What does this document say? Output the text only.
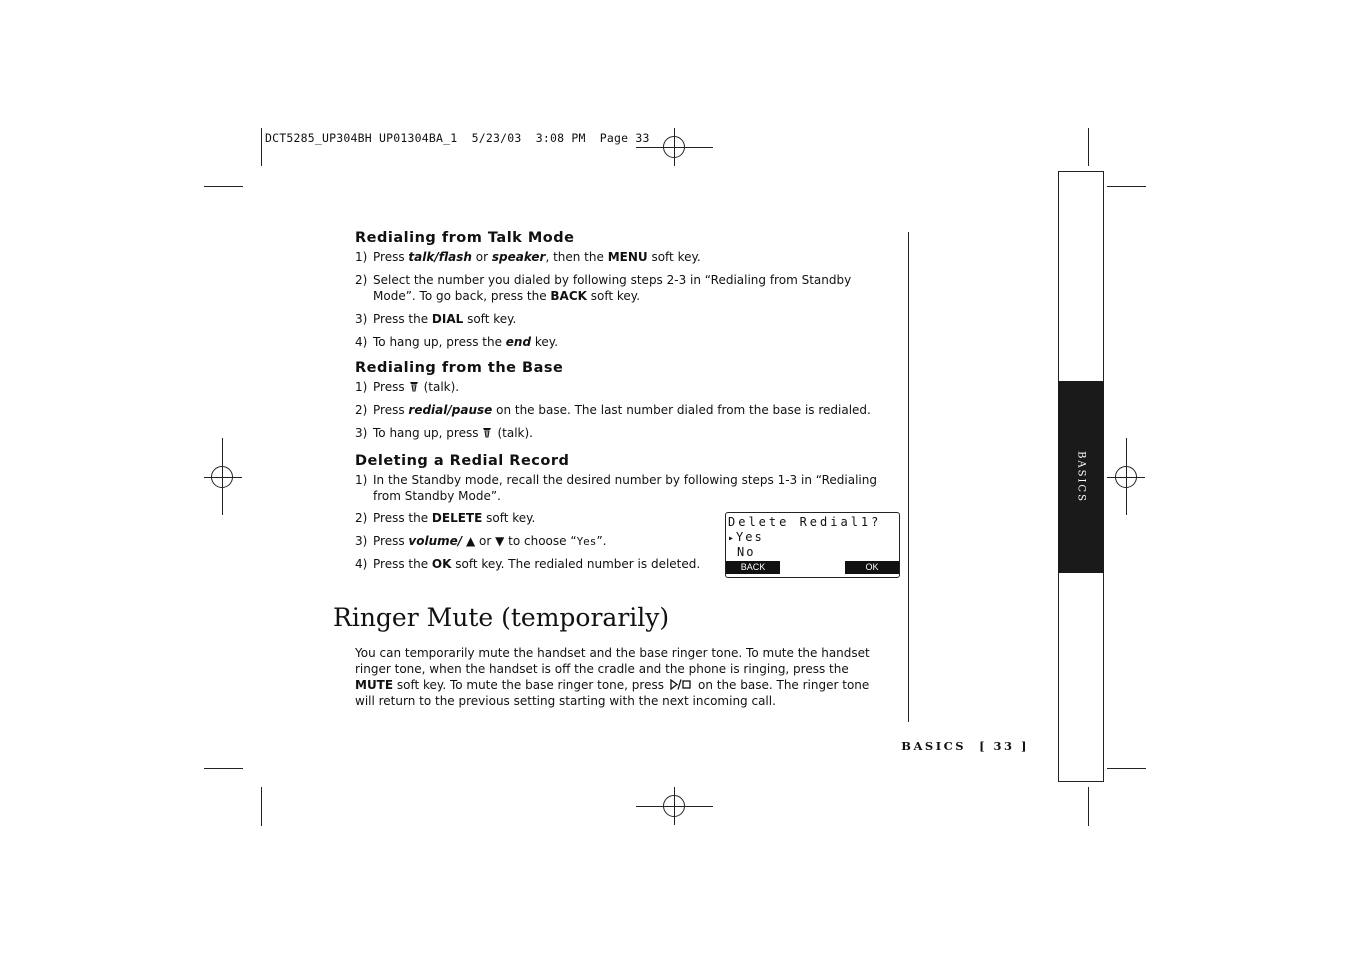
DCT5285_UP304BH UP01304BA_1  5/23/03  3:08 PM  Page 33
BASICS
Redialing from Talk Mode
1) Press talk/flash or speaker, then the MENU soft key.
2) Select the number you dialed by following steps 2-3 in “Redialing from Standby
Mode”. To go back, press the BACK soft key.
3) Press the DIAL soft key.
4) To hang up, press the end key.
Redialing from the Base
1) Press (talk).
2) Press redial/pause on the base. The last number dialed from the base is redialed.
3) To hang up, press (talk).
Deleting a Redial Record
1) In the Standby mode, recall the desired number by following steps 1-3 in “Redialing
from Standby Mode”.
2) Press the DELETE soft key.
3) Press volume/ ▲ or ▼ to choose “Yes”.
4) Press the OK soft key. The redialed number is deleted.
Delete Redial1?
▸Yes
No
BACK	OK
Ringer Mute (temporarily)

You can temporarily mute the handset and the base ringer tone. To mute the handset ringer tone, when the handset is off the cradle and the phone is ringing, press the MUTE soft key. To mute the base ringer tone, press	on the base. The ringer tone will return to the previous setting starting with the next incoming call.

BASICS [ 33 ]
